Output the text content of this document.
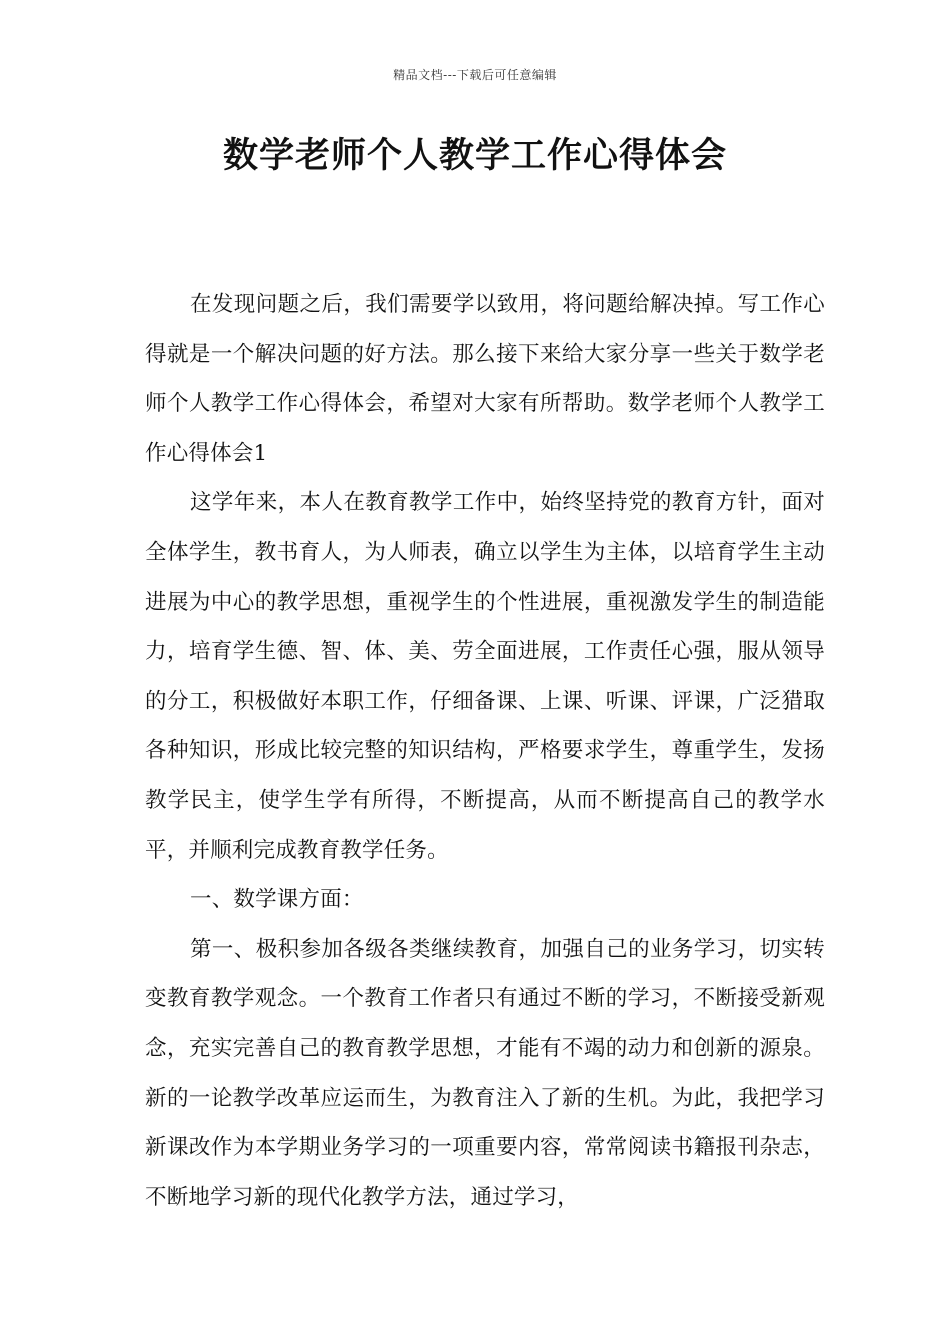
精品文档---下载后可任意编辑
数学老师个人教学工作心得体会

在发现问题之后，我们需要学以致用，将问题给解决掉。写工作心得就是一个解决问题的好方法。那么接下来给大家分享一些关于数学老师个人教学工作心得体会，希望对大家有所帮助。数学老师个人教学工作心得体会1

这学年来，本人在教育教学工作中，始终坚持党的教育方针，面对全体学生，教书育人，为人师表，确立以学生为主体，以培育学生主动进展为中心的教学思想，重视学生的个性进展，重视激发学生的制造能力，培育学生德、智、体、美、劳全面进展，工作责任心强，服从领导的分工，积极做好本职工作，仔细备课、上课、听课、评课，广泛猎取各种知识，形成比较完整的知识结构，严格要求学生，尊重学生，发扬教学民主，使学生学有所得，不断提高，从而不断提高自己的教学水平，并顺利完成教育教学任务。

一、数学课方面：

第一、极积参加各级各类继续教育，加强自己的业务学习，切实转变教育教学观念。一个教育工作者只有通过不断的学习，不断接受新观念，充实完善自己的教育教学思想，才能有不竭的动力和创新的源泉。新的一论教学改革应运而生，为教育注入了新的生机。为此，我把学习新课改作为本学期业务学习的一项重要内容，常常阅读书籍报刊杂志，不断地学习新的现代化教学方法，通过学习，
